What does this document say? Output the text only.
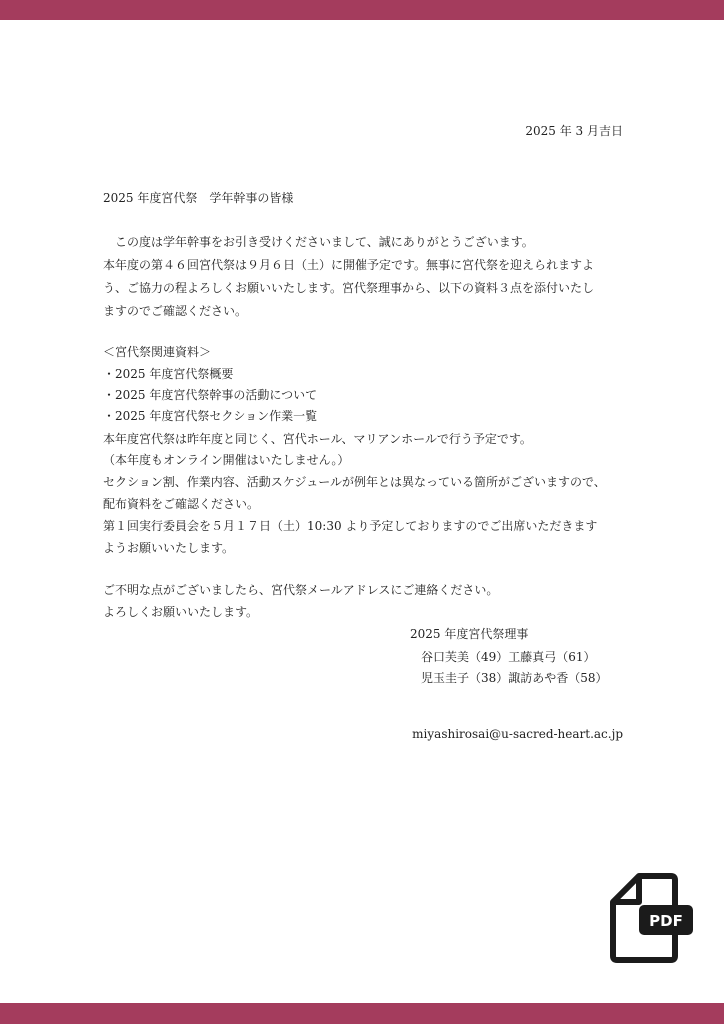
2025 年 3 月吉日
2025 年度宮代祭　学年幹事の皆様
　この度は学年幹事をお引き受けくださいまして、誠にありがとうございます。
本年度の第４６回宮代祭は９月６日（土）に開催予定です。無事に宮代祭を迎えられますよ
う、ご協力の程よろしくお願いいたします。宮代祭理事から、以下の資料３点を添付いたし
ますのでご確認ください。
＜宮代祭関連資料＞
・2025 年度宮代祭概要
・2025 年度宮代祭幹事の活動について
・2025 年度宮代祭セクション作業一覧
本年度宮代祭は昨年度と同じく、宮代ホール、マリアンホールで行う予定です。
（本年度もオンライン開催はいたしません。）
セクション割、作業内容、活動スケジュールが例年とは異なっている箇所がございますので、
配布資料をご確認ください。
第１回実行委員会を５月１７日（土）10:30 より予定しておりますのでご出席いただきます
ようお願いいたします。
ご不明な点がございましたら、宮代祭メールアドレスにご連絡ください。
よろしくお願いいたします。
2025 年度宮代祭理事
谷口芙美（49）工藤真弓（61）
児玉圭子（38）諏訪あや香（58）
miyashirosai@u-sacred-heart.ac.jp
PDF
